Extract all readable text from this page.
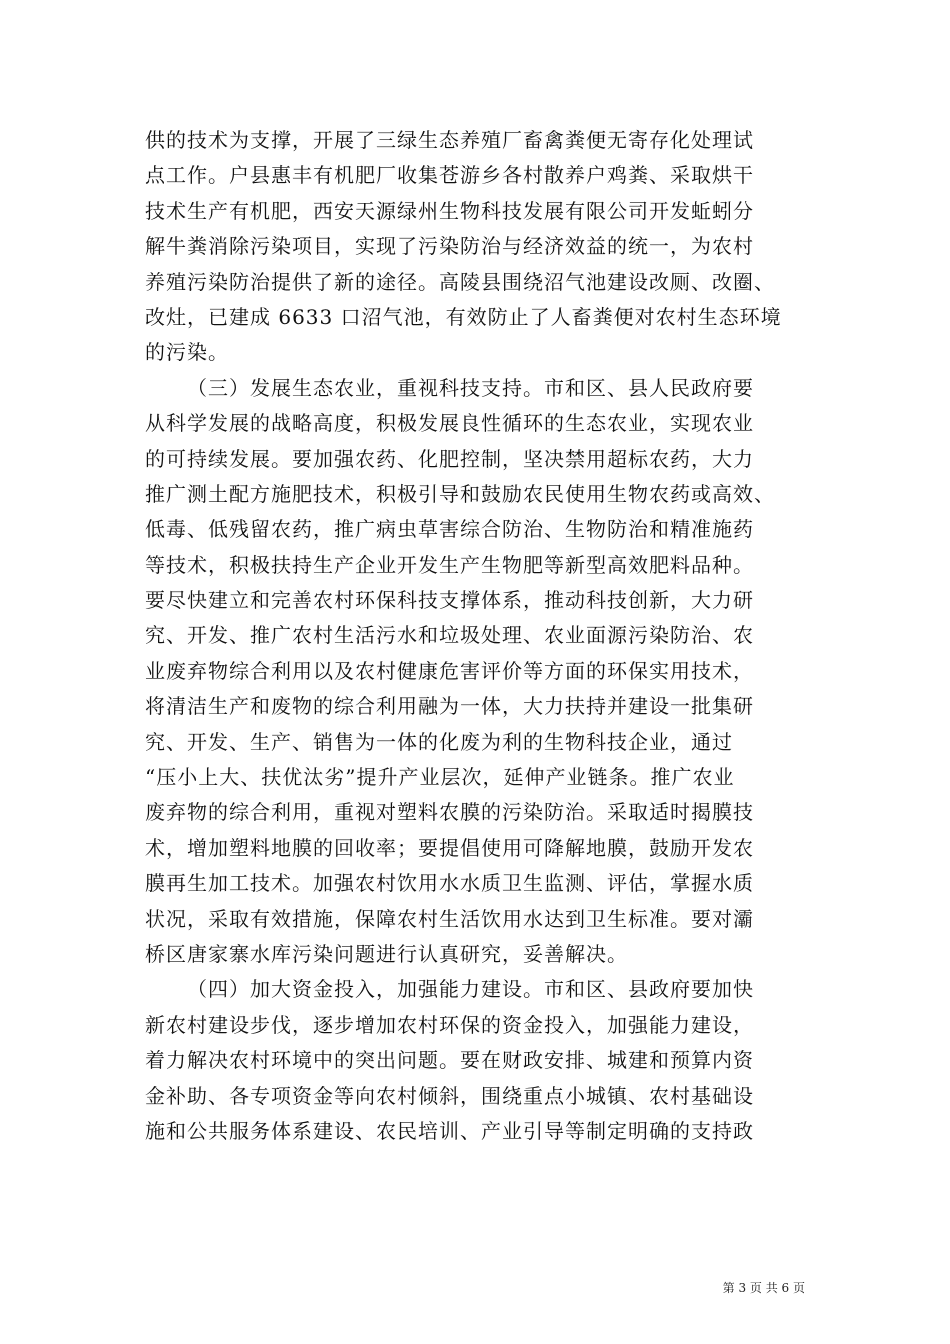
供的技术为支撑，开展了三绿生态养殖厂畜禽粪便无寄存化处理试
点工作。户县惠丰有机肥厂收集苍游乡各村散养户鸡粪、采取烘干
技术生产有机肥，西安天源绿州生物科技发展有限公司开发蚯蚓分
解牛粪消除污染项目，实现了污染防治与经济效益的统一，为农村
养殖污染防治提供了新的途径。高陵县围绕沼气池建设改厕、改圈、
改灶，已建成 6633 口沼气池，有效防止了人畜粪便对农村生态环境
的污染。
（三）发展生态农业，重视科技支持。市和区、县人民政府要
从科学发展的战略高度，积极发展良性循环的生态农业，实现农业
的可持续发展。要加强农药、化肥控制，坚决禁用超标农药，大力
推广测土配方施肥技术，积极引导和鼓励农民使用生物农药或高效、
低毒、低残留农药，推广病虫草害综合防治、生物防治和精准施药
等技术，积极扶持生产企业开发生产生物肥等新型高效肥料品种。
要尽快建立和完善农村环保科技支撑体系，推动科技创新，大力研
究、开发、推广农村生活污水和垃圾处理、农业面源污染防治、农
业废弃物综合利用以及农村健康危害评价等方面的环保实用技术，
将清洁生产和废物的综合利用融为一体，大力扶持并建设一批集研
究、开发、生产、销售为一体的化废为利的生物科技企业，通过
“压小上大、扶优汰劣”提升产业层次，延伸产业链条。推广农业
废弃物的综合利用，重视对塑料农膜的污染防治。采取适时揭膜技
术，增加塑料地膜的回收率；要提倡使用可降解地膜，鼓励开发农
膜再生加工技术。加强农村饮用水水质卫生监测、评估，掌握水质
状况，采取有效措施，保障农村生活饮用水达到卫生标准。要对灞
桥区唐家寨水库污染问题进行认真研究，妥善解决。
（四）加大资金投入，加强能力建设。市和区、县政府要加快
新农村建设步伐，逐步增加农村环保的资金投入，加强能力建设，
着力解决农村环境中的突出问题。要在财政安排、城建和预算内资
金补助、各专项资金等向农村倾斜，围绕重点小城镇、农村基础设
施和公共服务体系建设、农民培训、产业引导等制定明确的支持政
第 3 页 共 6 页
